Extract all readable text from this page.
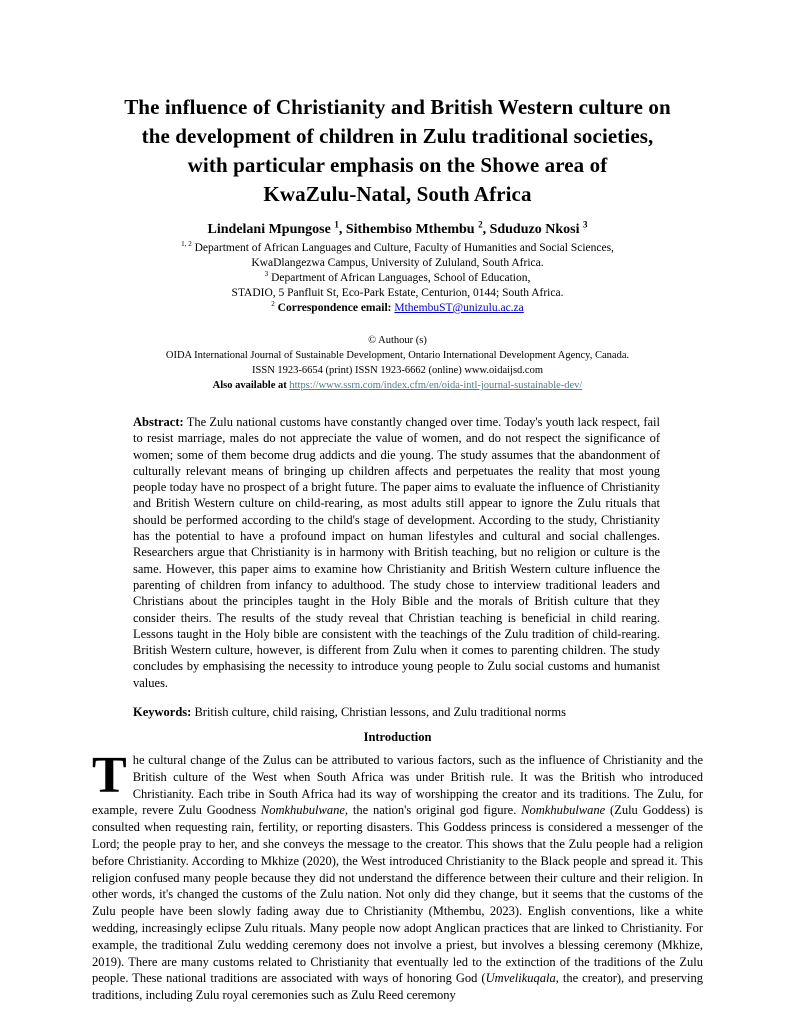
The influence of Christianity and British Western culture on
the development of children in Zulu traditional societies,
with particular emphasis on the Showe area of
KwaZulu-Natal, South Africa
Lindelani Mpungose $^1$, Sithembiso Mthembu $^2$, Sduduzo Nkosi $^3$
$^{1, 2}$ Department of African Languages and Culture, Faculty of Humanities and Social Sciences,
KwaDlangezwa Campus, University of Zululand, South Africa.
$^3$ Department of African Languages, School of Education,
STADIO, 5 Panfluit St, Eco-Park Estate, Centurion, 0144; South Africa.
$^2$ Correspondence email: MthembuST@unizulu.ac.za
© Authour (s)
OIDA International Journal of Sustainable Development, Ontario International Development Agency, Canada.
ISSN 1923-6654 (print) ISSN 1923-6662 (online) www.oidaijsd.com
Also available at https://www.ssrn.com/index.cfm/en/oida-intl-journal-sustainable-dev/
Abstract: The Zulu national customs have constantly changed over time. Today's youth lack respect, fail to resist marriage, males do not appreciate the value of women, and do not respect the significance of women; some of them become drug addicts and die young. The study assumes that the abandonment of culturally relevant means of bringing up children affects and perpetuates the reality that most young people today have no prospect of a bright future. The paper aims to evaluate the influence of Christianity and British Western culture on child-rearing, as most adults still appear to ignore the Zulu rituals that should be performed according to the child's stage of development. According to the study, Christianity has the potential to have a profound impact on human lifestyles and cultural and social challenges. Researchers argue that Christianity is in harmony with British teaching, but no religion or culture is the same. However, this paper aims to examine how Christianity and British Western culture influence the parenting of children from infancy to adulthood. The study chose to interview traditional leaders and Christians about the principles taught in the Holy Bible and the morals of British culture that they consider theirs. The results of the study reveal that Christian teaching is beneficial in child rearing. Lessons taught in the Holy bible are consistent with the teachings of the Zulu tradition of child-rearing. British Western culture, however, is different from Zulu when it comes to parenting children. The study concludes by emphasising the necessity to introduce young people to Zulu social customs and humanist values.
Keywords: British culture, child raising, Christian lessons, and Zulu traditional norms
Introduction
The cultural change of the Zulus can be attributed to various factors, such as the influence of Christianity and the British culture of the West when South Africa was under British rule. It was the British who introduced Christianity. Each tribe in South Africa had its way of worshipping the creator and its traditions. The Zulu, for example, revere Zulu Goodness Nomkhubulwane, the nation's original god figure. Nomkhubulwane (Zulu Goddess) is consulted when requesting rain, fertility, or reporting disasters. This Goddess princess is considered a messenger of the Lord; the people pray to her, and she conveys the message to the creator. This shows that the Zulu people had a religion before Christianity. According to Mkhize (2020), the West introduced Christianity to the Black people and spread it. This religion confused many people because they did not understand the difference between their culture and their religion. In other words, it's changed the customs of the Zulu nation. Not only did they change, but it seems that the customs of the Zulu people have been slowly fading away due to Christianity (Mthembu, 2023). English conventions, like a white wedding, increasingly eclipse Zulu rituals. Many people now adopt Anglican practices that are linked to Christianity. For example, the traditional Zulu wedding ceremony does not involve a priest, but involves a blessing ceremony (Mkhize, 2019). There are many customs related to Christianity that eventually led to the extinction of the traditions of the Zulu people. These national traditions are associated with ways of honoring God (Umvelikuqala, the creator), and preserving traditions, including Zulu royal ceremonies such as Zulu Reed ceremony
